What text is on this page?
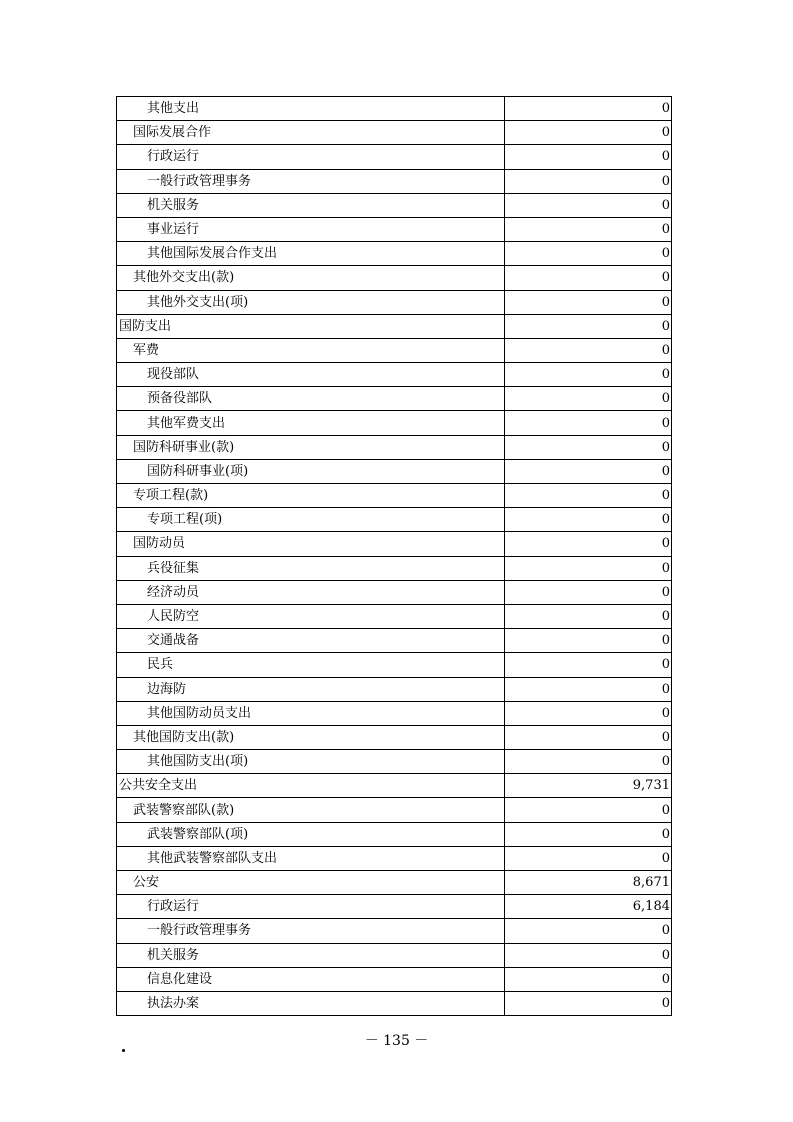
其他支出	0
国际发展合作	0
行政运行	0
一般行政管理事务	0
机关服务	0
事业运行	0
其他国际发展合作支出	0
其他外交支出(款)	0
其他外交支出(项)	0
国防支出	0
军费	0
现役部队	0
预备役部队	0
其他军费支出	0
国防科研事业(款)	0
国防科研事业(项)	0
专项工程(款)	0
专项工程(项)	0
国防动员	0
兵役征集	0
经济动员	0
人民防空	0
交通战备	0
民兵	0
边海防	0
其他国防动员支出	0
其他国防支出(款)	0
其他国防支出(项)	0
公共安全支出	9,731
武装警察部队(款)	0
武装警察部队(项)	0
其他武装警察部队支出	0
公安	8,671
行政运行	6,184
一般行政管理事务	0
机关服务	0
信息化建设	0
执法办案	0
－ 135 －
